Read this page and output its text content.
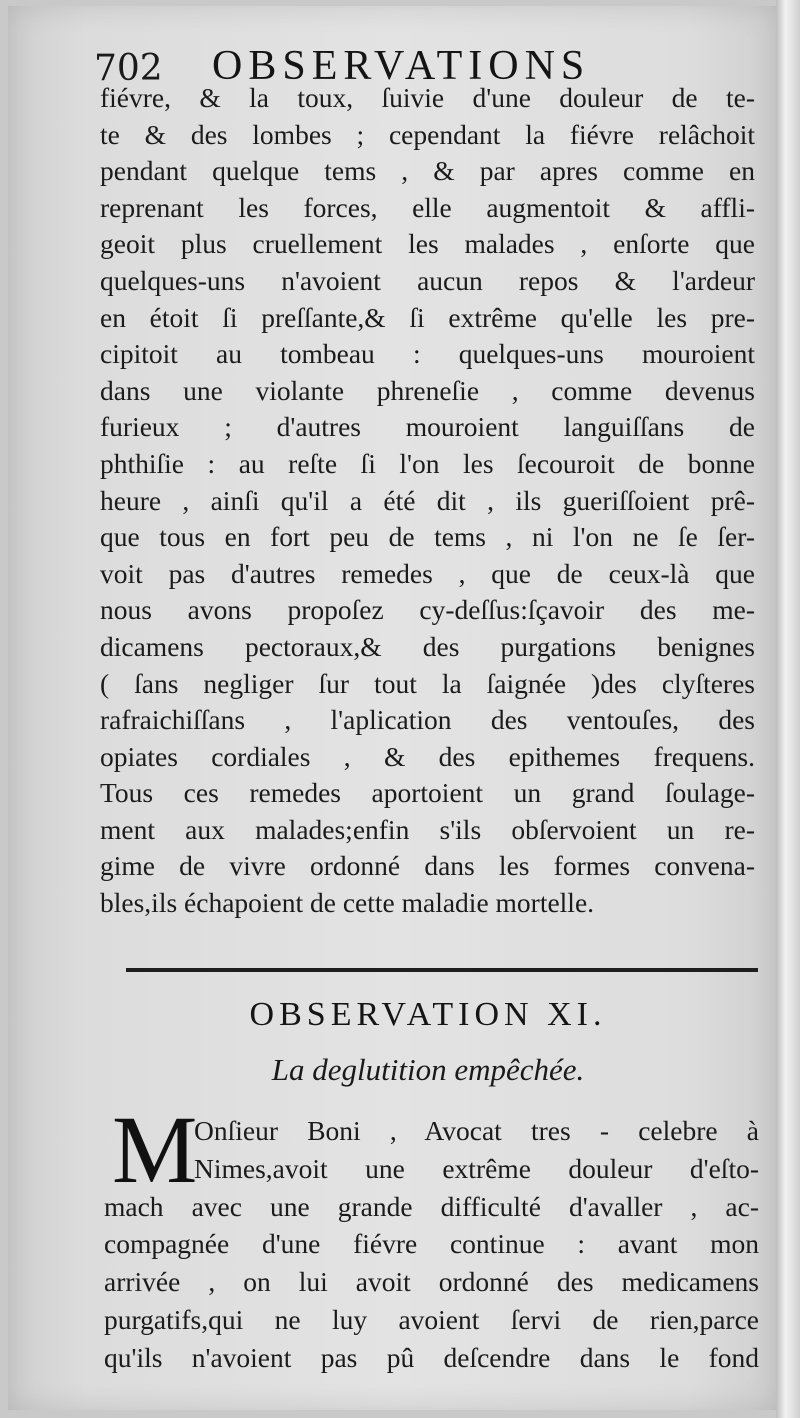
702 OBSERVATIONS
fiévre, & la toux, ſuivie d'une douleur de te-
te & des lombes ; cependant la fiévre relâchoit
pendant quelque tems , & par apres comme en
reprenant les forces, elle augmentoit & affli-
geoit plus cruellement les malades , enſorte que
quelques-uns n'avoient aucun repos & l'ardeur
en étoit ſi preſſante,& ſi extrême qu'elle les pre-
cipitoit au tombeau : quelques-uns mouroient
dans une violante phreneſie , comme devenus
furieux ; d'autres mouroient languiſſans de
phthiſie : au reſte ſi l'on les ſecouroit de bonne
heure , ainſi qu'il a été dit , ils gueriſſoient prê-
que tous en fort peu de tems , ni l'on ne ſe ſer-
voit pas d'autres remedes , que de ceux-là que
nous avons propoſez cy-deſſus:ſçavoir des me-
dicamens pectoraux,& des purgations benignes
( ſans negliger ſur tout la ſaignée )des clyſteres
rafraichiſſans , l'aplication des ventouſes, des
opiates cordiales , & des epithemes frequens.
Tous ces remedes aportoient un grand ſoulage-
ment aux malades;enfin s'ils obſervoient un re-
gime de vivre ordonné dans les formes convena-
bles,ils échapoient de cette maladie mortelle.
OBSERVATION XI.
La deglutition empêchée.
M
Onſieur Boni , Avocat tres - celebre à
Nimes,avoit une extrême douleur d'eſto-
mach avec une grande difficulté d'avaller , ac-
compagnée d'une fiévre continue : avant mon
arrivée , on lui avoit ordonné des medicamens
purgatifs,qui ne luy avoient ſervi de rien,parce
qu'ils n'avoient pas pû deſcendre dans le fond
